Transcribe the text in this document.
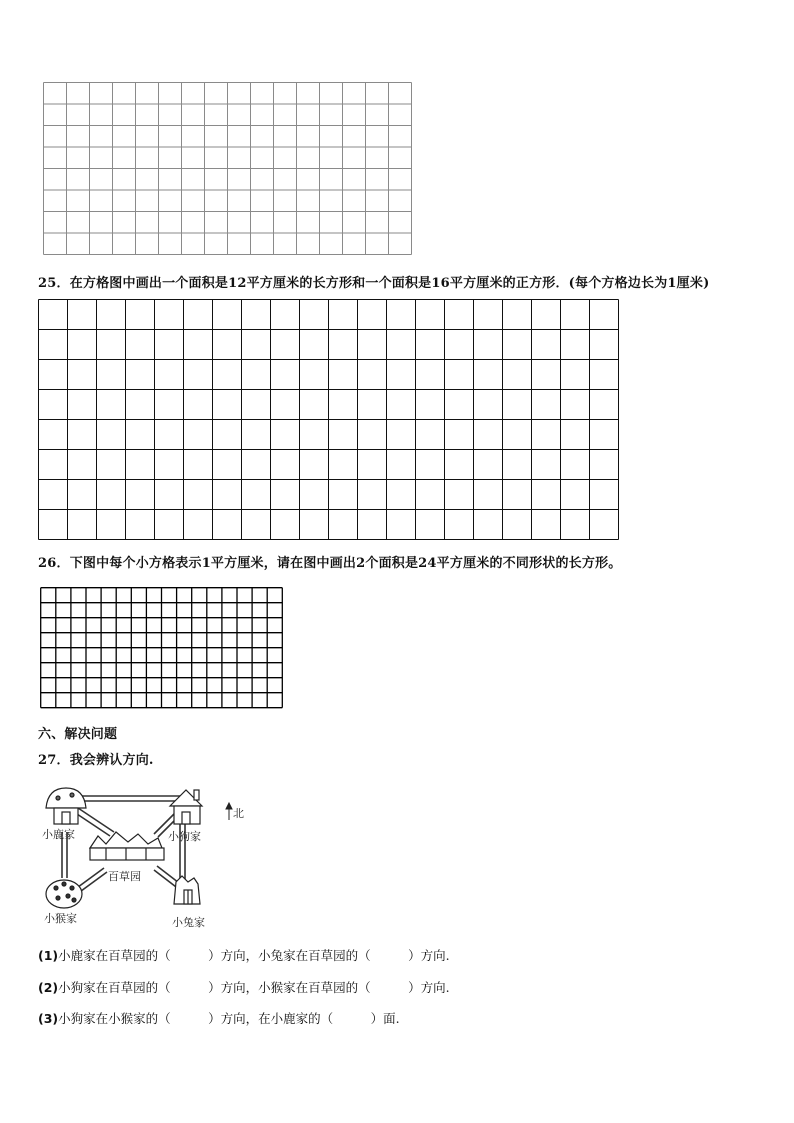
25．在方格图中画出一个面积是12平方厘米的长方形和一个面积是16平方厘米的正方形．(每个方格边长为1厘米)
26．下图中每个小方格表示1平方厘米，请在图中画出2个面积是24平方厘米的不同形状的长方形。
六、解决问题
27．我会辨认方向.
北
小鹿家	小狗家
百草园
小猴家	小兔家
(1)小鹿家在百草园的（　　　）方向，小兔家在百草园的（　　　）方向.
(2)小狗家在百草园的（　　　）方向，小猴家在百草园的（　　　）方向.
(3)小狗家在小猴家的（　　　）方向，在小鹿家的（　　　）面.
